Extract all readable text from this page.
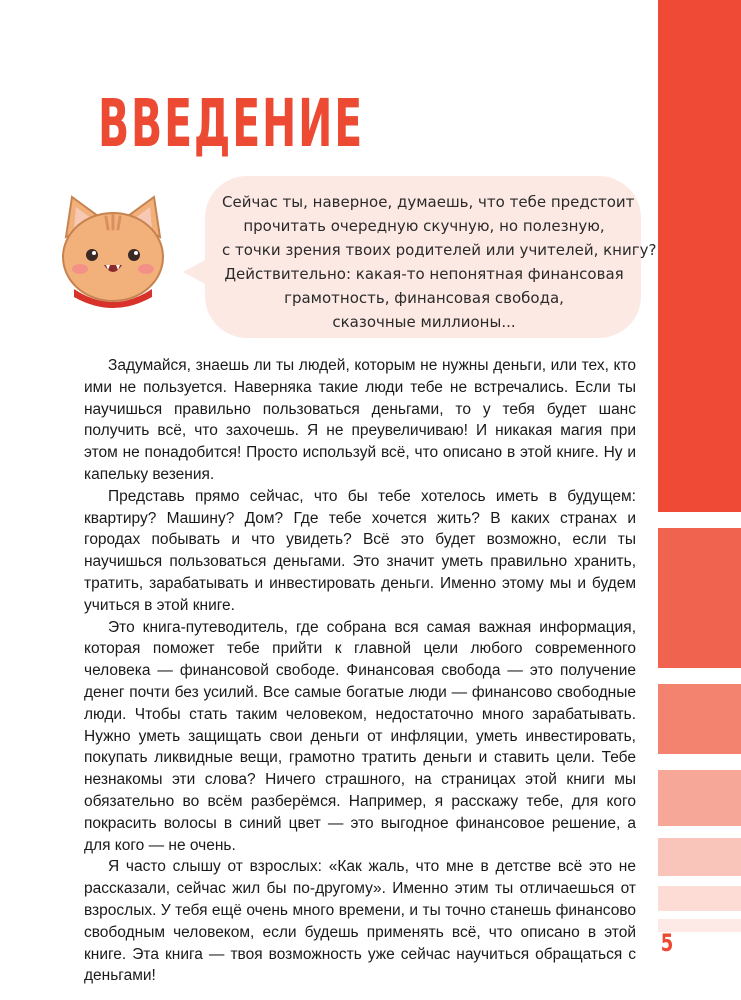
ВВЕДЕНИЕ
Сейчас ты, наверное, думаешь, что тебе предстоит
прочитать очередную скучную, но полезную,
с точки зрения твоих родителей или учителей, книгу?
Действительно: какая-то непонятная финансовая
грамотность, финансовая свобода,
сказочные миллионы...

Задумайся, знаешь ли ты людей, которым не нужны деньги, или тех, кто ими не пользуется. Наверняка такие люди тебе не встречались. Если ты научишься правильно пользоваться деньгами, то у тебя будет шанс получить всё, что захочешь. Я не преувеличиваю! И никакая магия при этом не понадобится! Просто используй всё, что описано в этой книге. Ну и капельку везения.

Представь прямо сейчас, что бы тебе хотелось иметь в будущем: квартиру? Машину? Дом? Где тебе хочется жить? В каких странах и городах побывать и что увидеть? Всё это будет возможно, если ты научишься пользоваться деньгами. Это значит уметь правильно хранить, тратить, зарабатывать и инвестировать деньги. Именно этому мы и будем учиться в этой книге.

Это книга-путеводитель, где собрана вся самая важная информация, которая поможет тебе прийти к главной цели любого современного человека — финансовой свободе. Финансовая свобода — это получение денег почти без усилий. Все самые богатые люди — финансово свободные люди. Чтобы стать таким человеком, недостаточно много зарабатывать. Нужно уметь защищать свои деньги от инфляции, уметь инвестировать, покупать ликвидные вещи, грамотно тратить деньги и ставить цели. Тебе незнакомы эти слова? Ничего страшного, на страницах этой книги мы обязательно во всём разберёмся. Например, я расскажу тебе, для кого покрасить волосы в синий цвет — это выгодное финансовое решение, а для кого — не очень.

Я часто слышу от взрослых: «Как жаль, что мне в детстве всё это не рассказали, сейчас жил бы по-другому». Именно этим ты отличаешься от взрослых. У тебя ещё очень много времени, и ты точно станешь финансово свободным человеком, если будешь применять всё, что описано в этой книге. Эта книга — твоя возможность уже сейчас научиться обращаться с деньгами!

5
